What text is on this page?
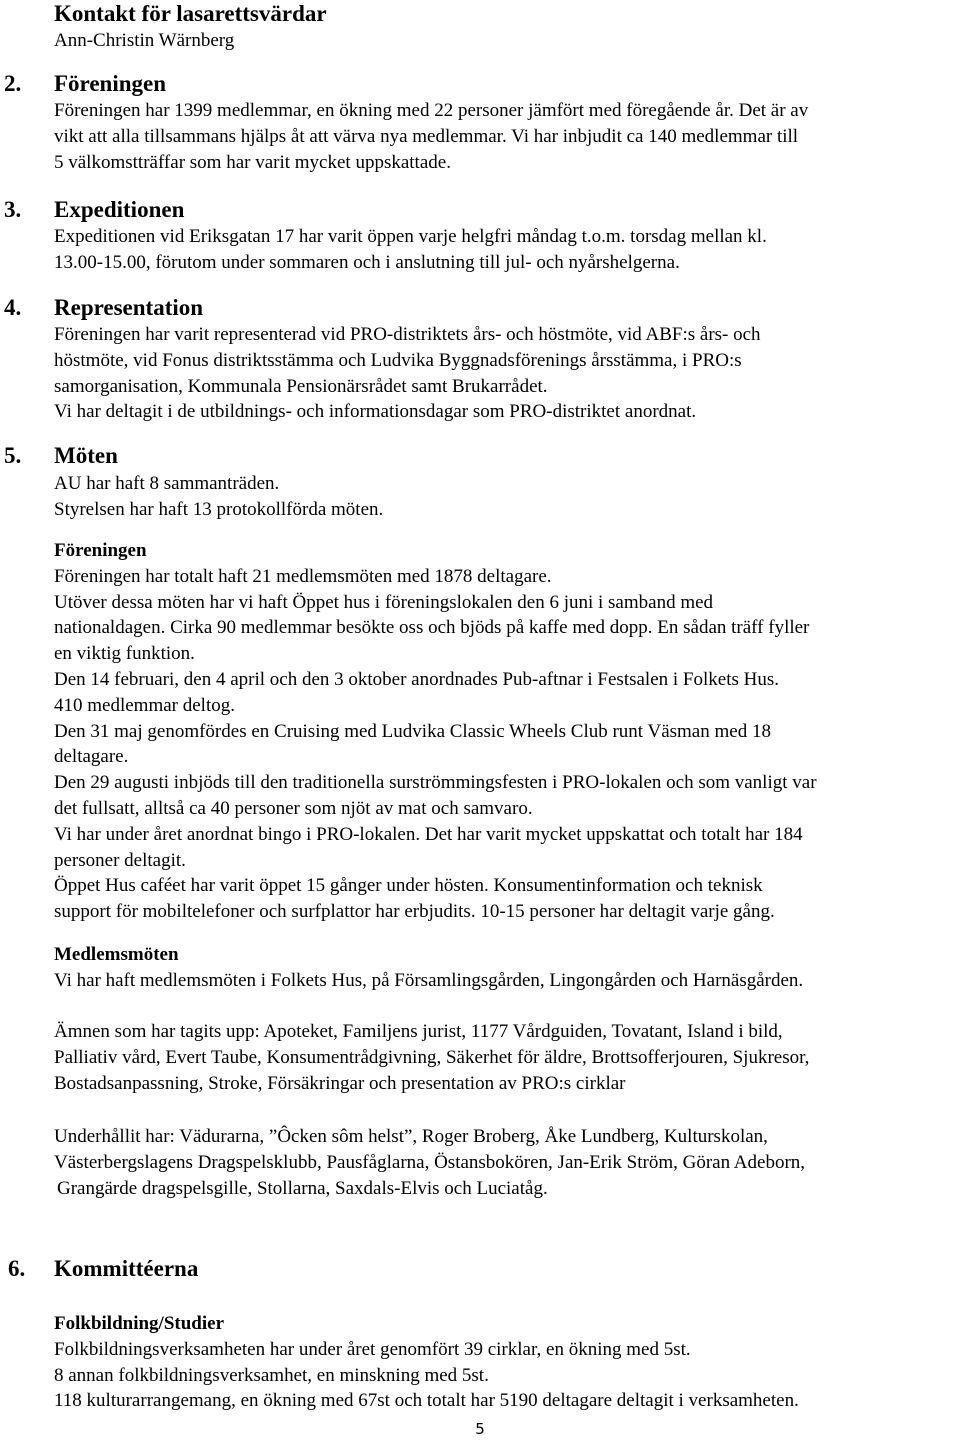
Kontakt för lasarettsvärdar
Ann-Christin Wärnberg
2. Föreningen
Föreningen har 1399 medlemmar, en ökning med 22 personer jämfört med föregående år. Det är av
vikt att alla tillsammans hjälps åt att värva nya medlemmar. Vi har inbjudit ca 140 medlemmar till
5 välkomstträffar som har varit mycket uppskattade.
3. Expeditionen
Expeditionen vid Eriksgatan 17 har varit öppen varje helgfri måndag t.o.m. torsdag mellan kl.
13.00-15.00, förutom under sommaren och i anslutning till jul- och nyårshelgerna.
4. Representation
Föreningen har varit representerad vid PRO-distriktets års- och höstmöte, vid ABF:s års- och
höstmöte, vid Fonus distriktsstämma och Ludvika Byggnadsförenings årsstämma, i PRO:s
samorganisation, Kommunala Pensionärsrådet samt Brukarrådet.
Vi har deltagit i de utbildnings- och informationsdagar som PRO-distriktet anordnat.
5. Möten
AU har haft 8 sammanträden.
Styrelsen har haft 13 protokollförda möten.
Föreningen
Föreningen har totalt haft 21 medlemsmöten med 1878 deltagare.
Utöver dessa möten har vi haft Öppet hus i föreningslokalen den 6 juni i samband med
nationaldagen. Cirka 90 medlemmar besökte oss och bjöds på kaffe med dopp. En sådan träff fyller
en viktig funktion.
Den 14 februari, den 4 april och den 3 oktober anordnades Pub-aftnar i Festsalen i Folkets Hus.
410 medlemmar deltog.
Den 31 maj genomfördes en Cruising med Ludvika Classic Wheels Club runt Väsman med 18
deltagare.
Den 29 augusti inbjöds till den traditionella surströmmingsfesten i PRO-lokalen och som vanligt var
det fullsatt, alltså ca 40 personer som njöt av mat och samvaro.
Vi har under året anordnat bingo i PRO-lokalen. Det har varit mycket uppskattat och totalt har 184
personer deltagit.
Öppet Hus caféet har varit öppet 15 gånger under hösten. Konsumentinformation och teknisk
support för mobiltelefoner och surfplattor har erbjudits. 10-15 personer har deltagit varje gång.
Medlemsmöten
Vi har haft medlemsmöten i Folkets Hus, på Församlingsgården, Lingongården och Harnäsgården.
Ämnen som har tagits upp: Apoteket, Familjens jurist, 1177 Vårdguiden, Tovatant, Island i bild,
Palliativ vård, Evert Taube, Konsumentrådgivning, Säkerhet för äldre, Brottsofferjouren, Sjukresor,
Bostadsanpassning, Stroke, Försäkringar och presentation av PRO:s cirklar
Underhållit har: Vädurarna, ”Ôcken sôm helst”, Roger Broberg, Åke Lundberg, Kulturskolan,
Västerbergslagens Dragspelsklubb, Pausfåglarna, Östansbokören, Jan-Erik Ström, Göran Adeborn,
Grangärde dragspelsgille, Stollarna, Saxdals-Elvis och Luciatåg.
6. Kommittéerna
Folkbildning/Studier
Folkbildningsverksamheten har under året genomfört 39 cirklar, en ökning med 5st.
8 annan folkbildningsverksamhet, en minskning med 5st.
118 kulturarrangemang, en ökning med 67st och totalt har 5190 deltagare deltagit i verksamheten.
5
